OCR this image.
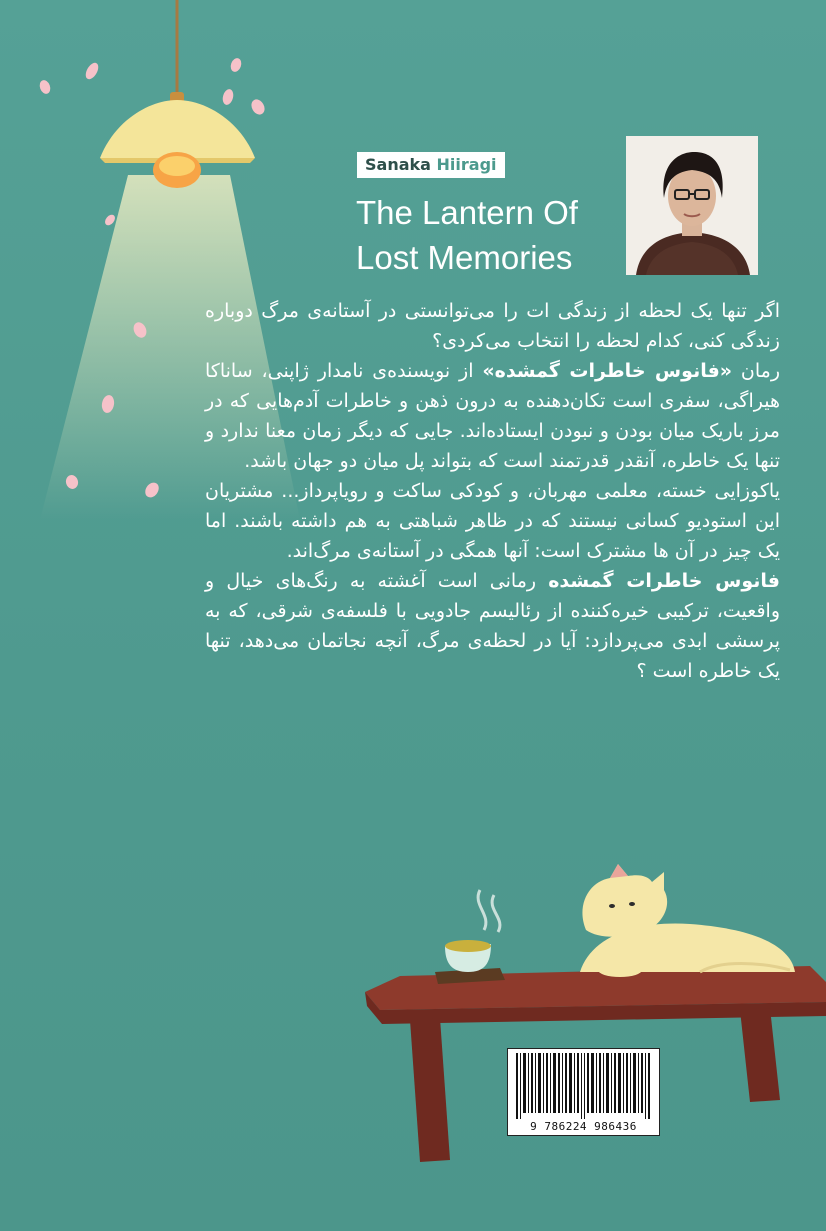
Sanaka Hiiragi
The Lantern Of
Lost Memories

اگر تنها یک لحظه از زندگی ات را می‌توانستی در آستانه‌ی مرگ دوباره زندگی کنی، کدام لحظه را انتخاب می‌کردی؟

رمان «فانوس خاطرات گمشده» از نویسنده‌ی نامدار ژاپنی، ساناکا هیراگی، سفری است تکان‌دهنده به درون ذهن و خاطرات آدم‌هایی که در مرز باریک میان بودن و نبودن ایستاده‌اند. جایی که دیگر زمان معنا ندارد و تنها یک خاطره، آنقدر قدرتمند است که بتواند پل میان دو جهان باشد.

یاکوزایی خسته، معلمی مهربان، و کودکی ساکت و رویاپرداز... مشتریان این استودیو کسانی نیستند که در ظاهر شباهتی به هم داشته باشند. اما یک چیز در آن ها مشترک است: آنها همگی در آستانه‌ی مرگ‌اند.

فانوس خاطرات گمشده رمانی است آغشته به رنگ‌های خیال و واقعیت، ترکیبی خیره‌کننده از رئالیسم جادویی با فلسفه‌ی شرقی، که به پرسشی ابدی می‌پردازد: آیا در لحظه‌ی مرگ، آنچه نجاتمان می‌دهد، تنها یک خاطره است ؟

9 786224 986436
